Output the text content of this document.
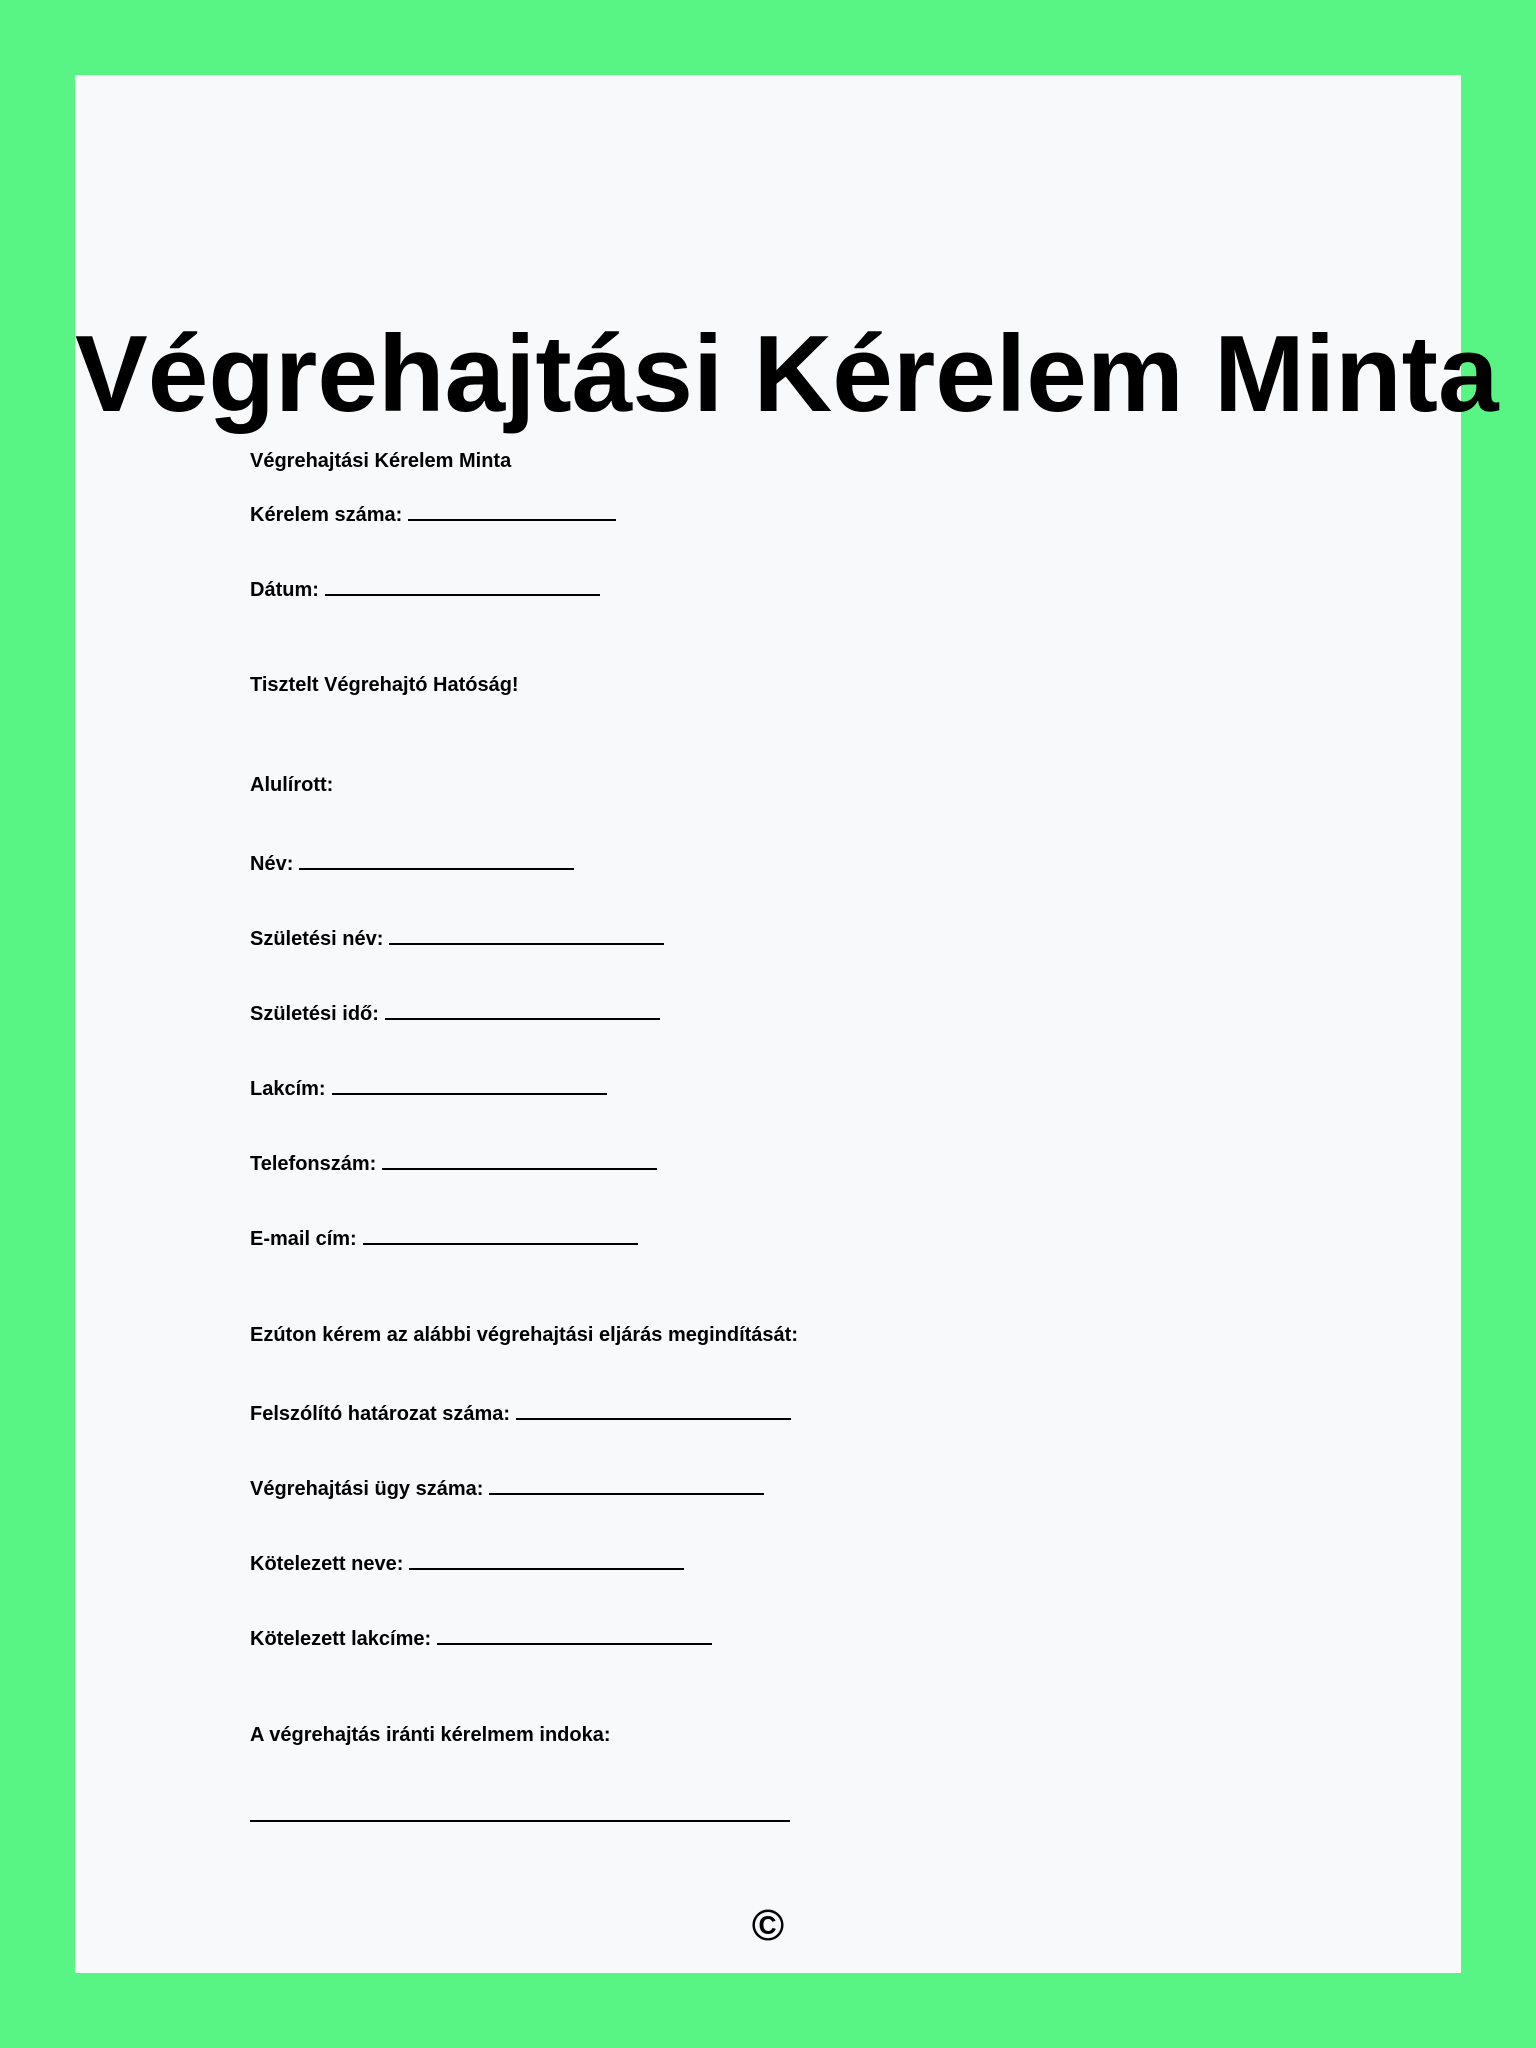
Végrehajtási Kérelem Minta
Végrehajtási Kérelem Minta
Kérelem száma:
Dátum:
Tisztelt Végrehajtó Hatóság!
Alulírott:
Név:
Születési név:
Születési idő:
Lakcím:
Telefonszám:
E-mail cím:
Ezúton kérem az alábbi végrehajtási eljárás megindítását:
Felszólító határozat száma:
Végrehajtási ügy száma:
Kötelezett neve:
Kötelezett lakcíme:
A végrehajtás iránti kérelmem indoka:
©
